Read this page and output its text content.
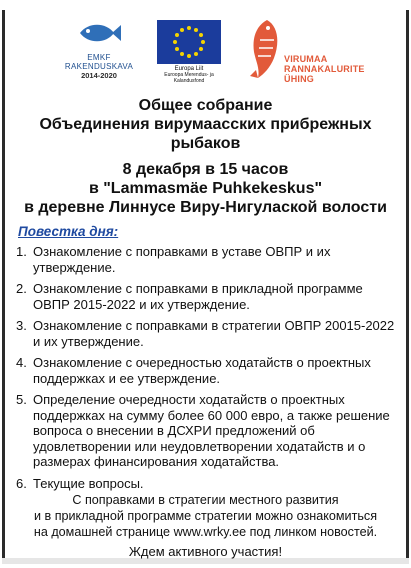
EMKF
RAKENDUSKAVA
2014-2020
Europa Liit
Euroopa Merendus- ja Kalandusfond
VIRUMAA
RANNAKALURITE
ÜHING
Общее собрание
Объединения вирумаасских прибрежных
рыбаков
8 декабря в 15 часов
в "Lammasmäe Puhkekeskus"
в деревне Линнусе Виру-Нигулаской волости
Повестка дня:
1. Ознакомление с поправками в уставе ОВПР и их утверждение.
2. Ознакомление с поправками в прикладной программе ОВПР 2015-2022 и их утверждение.
3. Ознакомление с поправками в стратегии ОВПР 20015-2022 и их утверждение.
4. Ознакомление с очередностью ходатайств о проектных поддержках и ее утверждение.
5. Определение очередности ходатайств о проектных поддержках на сумму более 60 000 евро, а также решение вопроса о внесении в ДСХРИ предложений об удовлетворении или неудовлетворении ходатайств и о размерах финансирования ходатайства.
6. Текущие вопросы.
С поправками в стратегии местного развития
и в прикладной программе стратегии можно ознакомиться
на домашней странице www.wrky.ee под линком новостей.
Ждем активного участия!
